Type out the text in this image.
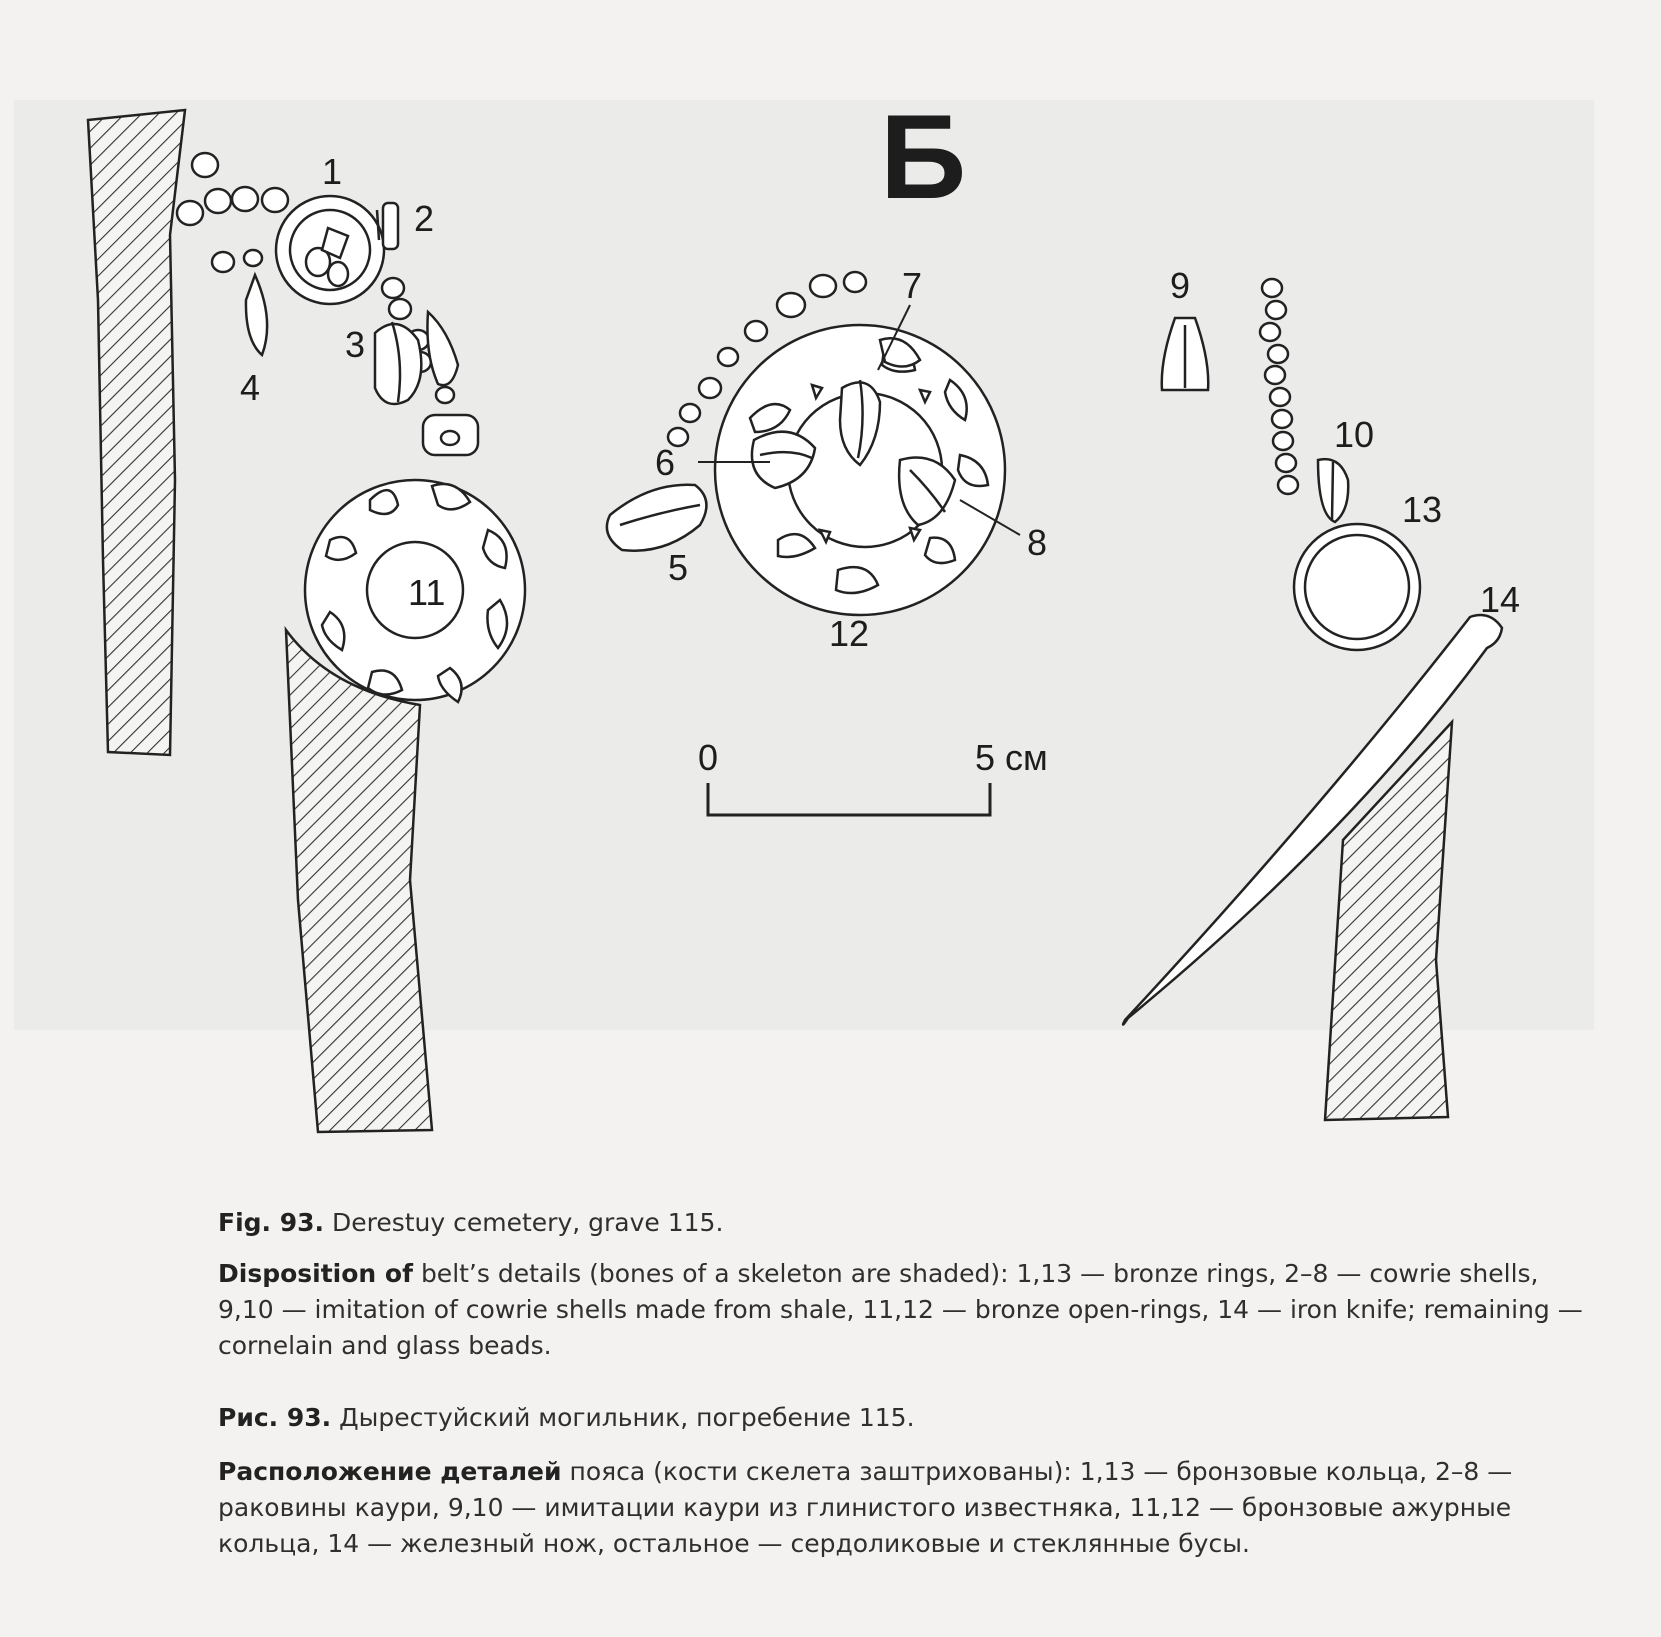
Б
0	5 см
1
2
3
4
5
6
7
8
9
10
11
12
13
14

Fig. 93. Derestuy cemetery, grave 115.

Disposition of belt’s details (bones of a skeleton are shaded): 1,13 — bronze rings, 2–8 — cowrie shells, 9,10 — imitation of cowrie shells made from shale, 11,12 — bronze open-rings, 14 — iron knife; remaining — cornelain and glass beads.

Рис. 93. Дырестуйский могильник, погребение 115.

Расположение деталей пояса (кости скелета заштрихованы): 1,13 — бронзовые кольца, 2–8 — раковины каури, 9,10 — имитации каури из глинистого известняка, 11,12 — бронзовые ажурные кольца, 14 — железный нож, остальное — сердоликовые и стеклянные бусы.
